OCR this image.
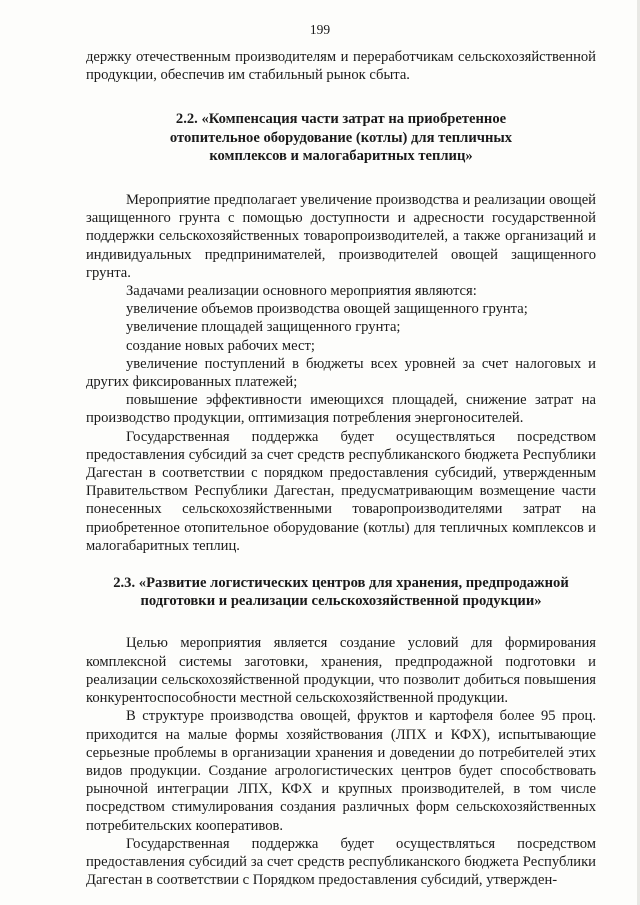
199

держку отечественным производителям и переработчикам сельскохозяйственной продукции, обеспечив им стабильный рынок сбыта.

2.2. «Компенсация части затрат на приобретенное
отопительное оборудование (котлы) для тепличных
комплексов и малогабаритных теплиц»

Мероприятие предполагает увеличение производства и реализации овощей защищенного грунта с помощью доступности и адресности государственной поддержки сельскохозяйственных товаропроизводителей, а также организаций и индивидуальных предпринимателей, производителей овощей защищенного грунта.

Задачами реализации основного мероприятия являются:

увеличение объемов производства овощей защищенного грунта;

увеличение площадей защищенного грунта;

создание новых рабочих мест;

увеличение поступлений в бюджеты всех уровней за счет налоговых и других фиксированных платежей;

повышение эффективности имеющихся площадей, снижение затрат на производство продукции, оптимизация потребления энергоносителей.

Государственная поддержка будет осуществляться посредством предоставления субсидий за счет средств республиканского бюджета Республики Дагестан в соответствии с порядком предоставления субсидий, утвержденным Правительством Республики Дагестан, предусматривающим возмещение части понесенных сельскохозяйственными товаропроизводителями затрат на приобретенное отопительное оборудование (котлы) для тепличных комплексов и малогабаритных теплиц.

2.3. «Развитие логистических центров для хранения, предпродажной
подготовки и реализации сельскохозяйственной продукции»

Целью мероприятия является создание условий для формирования комплексной системы заготовки, хранения, предпродажной подготовки и реализации сельскохозяйственной продукции, что позволит добиться повышения конкурентоспособности местной сельскохозяйственной продукции.

В структуре производства овощей, фруктов и картофеля более 95 проц. приходится на малые формы хозяйствования (ЛПХ и КФХ), испытывающие серьезные проблемы в организации хранения и доведении до потребителей этих видов продукции. Создание агрологистических центров будет способствовать рыночной интеграции ЛПХ, КФХ и крупных производителей, в том числе посредством стимулирования создания различных форм сельскохозяйственных потребительских кооперативов.

Государственная поддержка будет осуществляться посредством предоставления субсидий за счет средств республиканского бюджета Республики Дагестан в соответствии с Порядком предоставления субсидий, утвержден-
